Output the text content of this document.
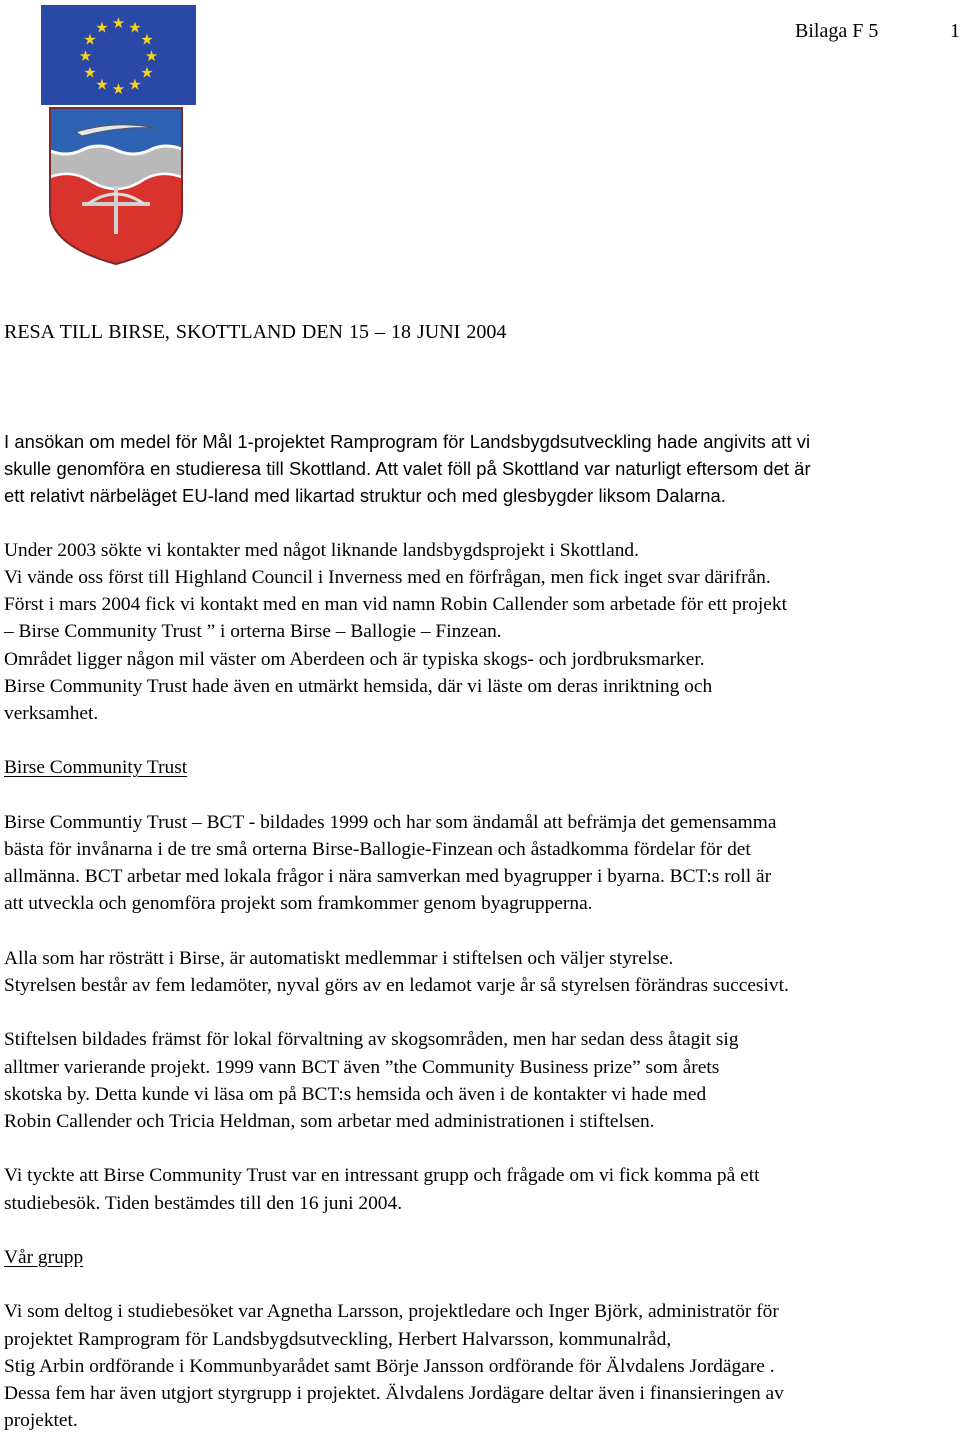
★ ★
★
★
★
★
★
★
★
★
★
★	Bilaga F 5	1
RESA TILL BIRSE, SKOTTLAND DEN 15 – 18 JUNI 2004

I ansökan om medel för Mål 1-projektet Ramprogram för Landsbygdsutveckling hade angivits att vi
skulle genomföra en studieresa till Skottland. Att valet föll på Skottland var naturligt eftersom det är
ett relativt närbeläget EU-land med likartad struktur och med glesbygder liksom Dalarna.

Under 2003 sökte vi kontakter med något liknande landsbygdsprojekt i Skottland.
Vi vände oss först till Highland Council i Inverness med en förfrågan, men fick inget svar därifrån.
Först i mars 2004 fick vi kontakt med en man vid namn Robin Callender som arbetade för ett projekt
– Birse Community Trust ” i orterna Birse – Ballogie – Finzean.
Området ligger någon mil väster om Aberdeen och är typiska skogs- och jordbruksmarker.
Birse Community Trust hade även en utmärkt hemsida, där vi läste om deras inriktning och
verksamhet.

Birse Community Trust

Birse Communtiy Trust – BCT - bildades 1999 och har som ändamål att befrämja det gemensamma
bästa för invånarna i de tre små orterna Birse-Ballogie-Finzean och åstadkomma fördelar för det
allmänna. BCT arbetar med lokala frågor i nära samverkan med byagrupper i byarna. BCT:s roll är
att utveckla och genomföra projekt som framkommer genom byagrupperna.

Alla som har rösträtt i Birse, är automatiskt medlemmar i stiftelsen och väljer styrelse.
Styrelsen består av fem ledamöter, nyval görs av en ledamot varje år så styrelsen förändras succesivt.

Stiftelsen bildades främst för lokal förvaltning av skogsområden, men har sedan dess åtagit sig
alltmer varierande projekt. 1999 vann BCT även ”the Community Business prize” som årets
skotska by. Detta kunde vi läsa om på BCT:s hemsida och även i de kontakter vi hade med
Robin Callender och Tricia Heldman, som arbetar med administrationen i stiftelsen.

Vi tyckte att Birse Community Trust var en intressant grupp och frågade om vi fick komma på ett
studiebesök. Tiden bestämdes till den 16 juni 2004.

Vår grupp

Vi som deltog i studiebesöket var Agnetha Larsson, projektledare och Inger Björk, administratör för
projektet Ramprogram för Landsbygdsutveckling, Herbert Halvarsson, kommunalråd,
Stig Arbin ordförande i Kommunbyarådet samt Börje Jansson ordförande för Älvdalens Jordägare .
Dessa fem har även utgjort styrgrupp i projektet. Älvdalens Jordägare deltar även i finansieringen av
projektet.
